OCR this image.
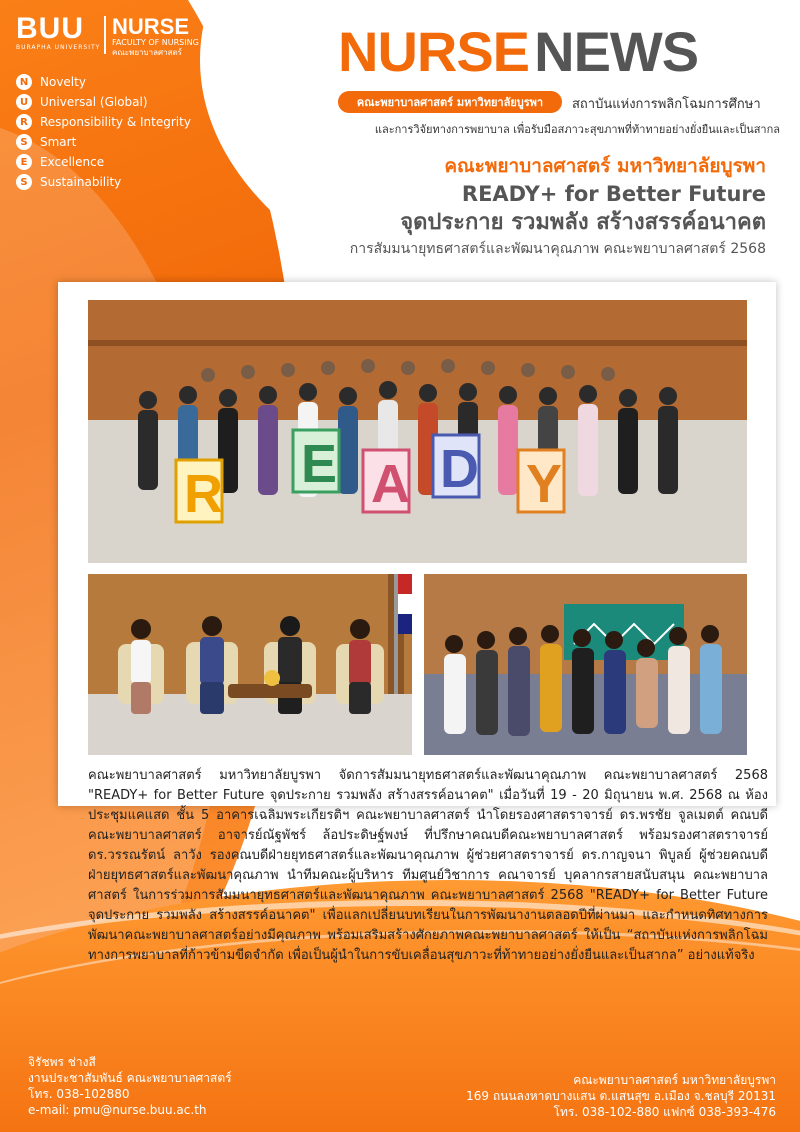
BUU
BURAPHA UNIVERSITY
NURSE
FACULTY OF NURSING
คณะพยาบาลศาสตร์
N Novelty
U Universal (Global)
R	Responsibility & Integrity
S	Smart
E	Excellence
S	Sustainability
NURSE NEWS
คณะพยาบาลศาสตร์ มหาวิทยาลัยบูรพา	สถาบันแห่งการพลิกโฉมการศึกษา
และการวิจัยทางการพยาบาล เพื่อรับมือสภาวะสุขภาพที่ท้าทายอย่างยั่งยืนและเป็นสากล
คณะพยาบาลศาสตร์ มหาวิทยาลัยบูรพา
READY+ for Better Future
จุดประกาย รวมพลัง สร้างสรรค์อนาคต
การสัมมนายุทธศาสตร์และพัฒนาคุณภาพ คณะพยาบาลศาสตร์ 2568
R E A D Y
คณะพยาบาลศาสตร์ มหาวิทยาลัยบูรพา จัดการสัมมนายุทธศาสตร์และพัฒนาคุณภาพ คณะพยาบาลศาสตร์ 2568 "READY+ for Better Future จุดประกาย รวมพลัง สร้างสรรค์อนาคต" เมื่อวันที่ 19 - 20 มิถุนายน พ.ศ. 2568 ณ ห้องประชุมแคแสด ชั้น 5 อาคารเฉลิมพระเกียรติฯ คณะพยาบาลศาสตร์ นำโดยรองศาสตราจารย์ ดร.พรชัย จูลเมตต์ คณบดีคณะพยาบาลศาสตร์ อาจารย์ณัฐพัชร์ ล้อประดิษฐ์พงษ์ ที่ปรึกษาคณบดีคณะพยาบาลศาสตร์ พร้อมรองศาสตราจารย์ ดร.วรรณรัตน์ ลาวัง รองคณบดีฝ่ายยุทธศาสตร์และพัฒนาคุณภาพ ผู้ช่วยศาสตราจารย์ ดร.กาญจนา พิบูลย์ ผู้ช่วยคณบดีฝ่ายยุทธศาสตร์และพัฒนาคุณภาพ นำทีมคณะผู้บริหาร ทีมศูนย์วิชาการ คณาจารย์ บุคลากรสายสนับสนุน คณะพยาบาลศาสตร์ ในการร่วมการสัมมนายุทธศาสตร์และพัฒนาคุณภาพ คณะพยาบาลศาสตร์ 2568 "READY+ for Better Future จุดประกาย รวมพลัง สร้างสรรค์อนาคต" เพื่อแลกเปลี่ยนบทเรียนในการพัฒนางานตลอดปีที่ผ่านมา และกำหนดทิศทางการพัฒนาคณะพยาบาลศาสตร์อย่างมีคุณภาพ พร้อมเสริมสร้างศักยภาพคณะพยาบาลศาสตร์ ให้เป็น “สถาบันแห่งการพลิกโฉมทางการพยาบาลที่ก้าวข้ามขีดจำกัด เพื่อเป็นผู้นำในการขับเคลื่อนสุขภาวะที่ท้าทายอย่างยั่งยืนและเป็นสากล” อย่างแท้จริง
จิรัชพร ช่างสี
งานประชาสัมพันธ์ คณะพยาบาลศาสตร์
โทร. 038-102880
e-mail: pmu@nurse.buu.ac.th
คณะพยาบาลศาสตร์ มหาวิทยาลัยบูรพา
169 ถนนลงหาดบางแสน ต.แสนสุข อ.เมือง จ.ชลบุรี 20131
โทร. 038-102-880 แฟกซ์ 038-393-476
